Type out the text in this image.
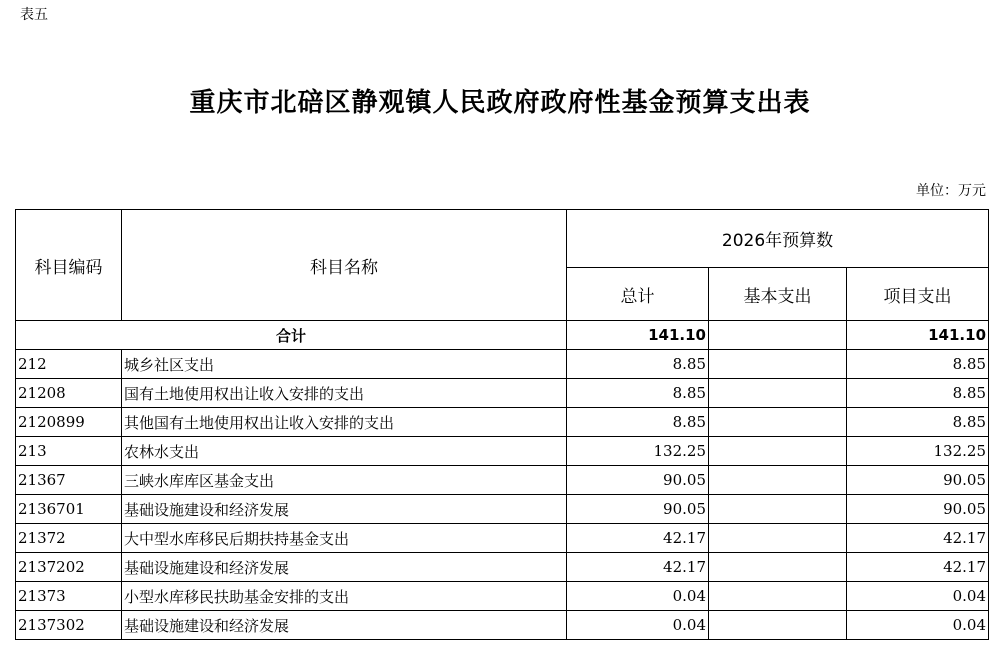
表五
重庆市北碚区静观镇人民政府政府性基金预算支出表
单位：万元
科目编码	科目名称	2026年预算数		
		总计	基本支出	项目支出
合计		141.10		141.10
212	城乡社区支出	8.85		8.85
21208	国有土地使用权出让收入安排的支出	8.85		8.85
2120899	其他国有土地使用权出让收入安排的支出	8.85		8.85
213	农林水支出	132.25		132.25
21367	三峡水库库区基金支出	90.05		90.05
2136701	基础设施建设和经济发展	90.05		90.05
21372	大中型水库移民后期扶持基金支出	42.17		42.17
2137202	基础设施建设和经济发展	42.17		42.17
21373	小型水库移民扶助基金安排的支出	0.04		0.04
2137302	基础设施建设和经济发展	0.04		0.04
